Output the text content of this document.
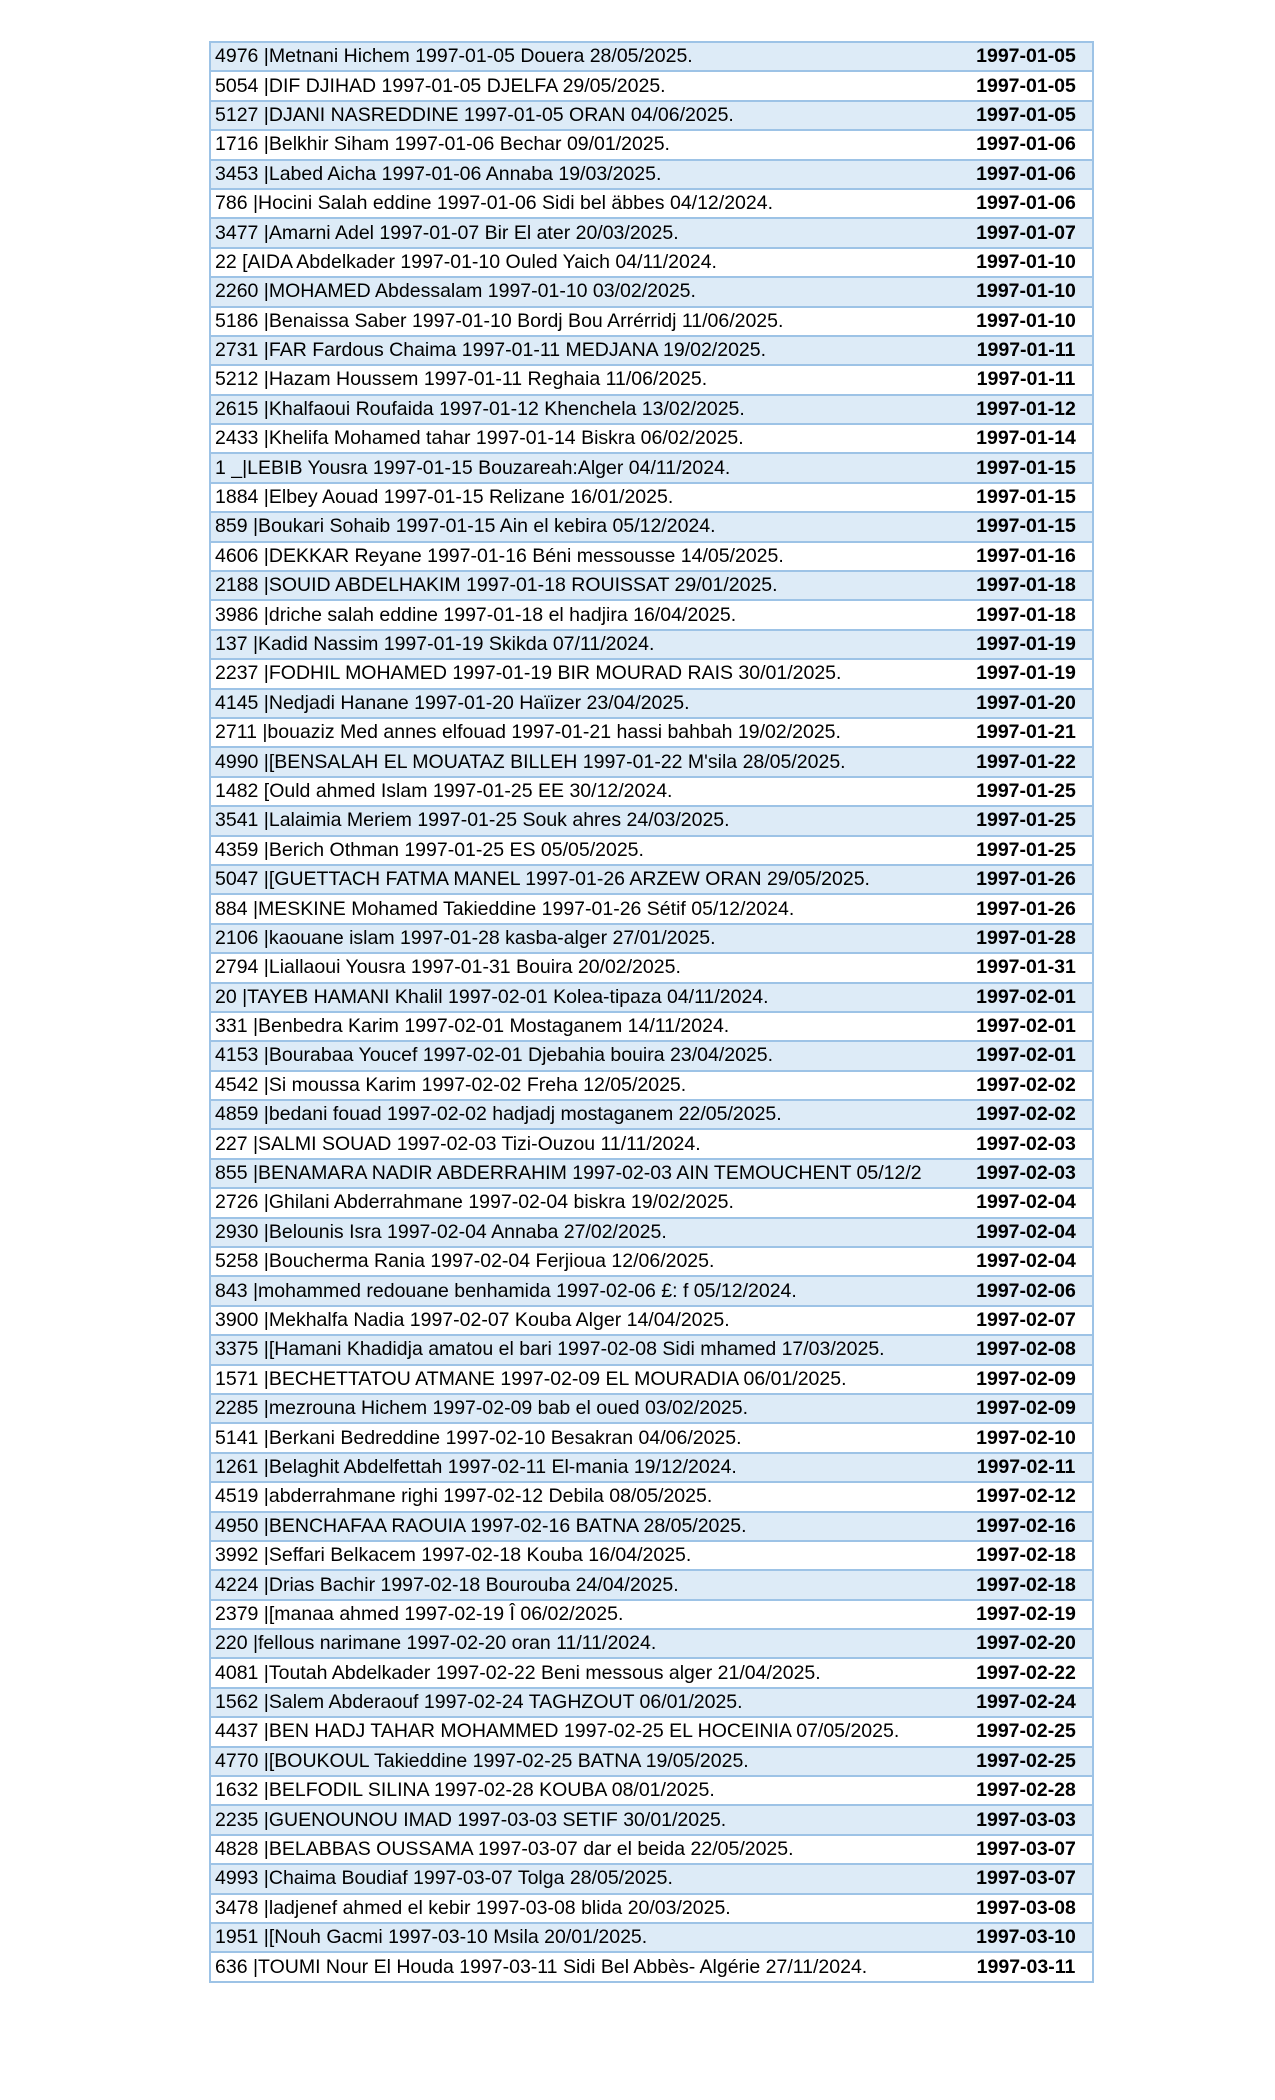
4976 |Metnani Hichem 1997-01-05 Douera 28/05/2025.	1997-01-05
5054 |DIF DJIHAD 1997-01-05 DJELFA 29/05/2025.	1997-01-05
5127 |DJANI NASREDDINE 1997-01-05 ORAN 04/06/2025.	1997-01-05
1716 |Belkhir Siham 1997-01-06 Bechar 09/01/2025.	1997-01-06
3453 |Labed Aicha 1997-01-06 Annaba 19/03/2025.	1997-01-06
786 |Hocini Salah eddine 1997-01-06 Sidi bel äbbes 04/12/2024.	1997-01-06
3477 |Amarni Adel 1997-01-07 Bir El ater 20/03/2025.	1997-01-07
22 [AIDA Abdelkader 1997-01-10 Ouled Yaich 04/11/2024.	1997-01-10
2260 |MOHAMED Abdessalam 1997-01-10 03/02/2025.	1997-01-10
5186 |Benaissa Saber 1997-01-10 Bordj Bou Arrérridj 11/06/2025.	1997-01-10
2731 |FAR Fardous Chaima 1997-01-11 MEDJANA 19/02/2025.	1997-01-11
5212 |Hazam Houssem 1997-01-11 Reghaia 11/06/2025.	1997-01-11
2615 |Khalfaoui Roufaida 1997-01-12 Khenchela 13/02/2025.	1997-01-12
2433 |Khelifa Mohamed tahar 1997-01-14 Biskra 06/02/2025.	1997-01-14
1 _|LEBIB Yousra 1997-01-15 Bouzareah:Alger 04/11/2024.	1997-01-15
1884 |Elbey Aouad 1997-01-15 Relizane 16/01/2025.	1997-01-15
859 |Boukari Sohaib 1997-01-15 Ain el kebira 05/12/2024.	1997-01-15
4606 |DEKKAR Reyane 1997-01-16 Béni messousse 14/05/2025.	1997-01-16
2188 |SOUID ABDELHAKIM 1997-01-18 ROUISSAT 29/01/2025.	1997-01-18
3986 |driche salah eddine 1997-01-18 el hadjira 16/04/2025.	1997-01-18
137 |Kadid Nassim 1997-01-19 Skikda 07/11/2024.	1997-01-19
2237 |FODHIL MOHAMED 1997-01-19 BIR MOURAD RAIS 30/01/2025.	1997-01-19
4145 |Nedjadi Hanane 1997-01-20 Haïizer 23/04/2025.	1997-01-20
2711 |bouaziz Med annes elfouad 1997-01-21 hassi bahbah 19/02/2025.	1997-01-21
4990 |[BENSALAH EL MOUATAZ BILLEH 1997-01-22 M'sila 28/05/2025.	1997-01-22
1482 [Ould ahmed Islam 1997-01-25 EE 30/12/2024.	1997-01-25
3541 |Lalaimia Meriem 1997-01-25 Souk ahres 24/03/2025.	1997-01-25
4359 |Berich Othman 1997-01-25 ES 05/05/2025.	1997-01-25
5047 |[GUETTACH FATMA MANEL 1997-01-26 ARZEW ORAN 29/05/2025.	1997-01-26
884 |MESKINE Mohamed Takieddine 1997-01-26 Sétif 05/12/2024.	1997-01-26
2106 |kaouane islam 1997-01-28 kasba-alger 27/01/2025.	1997-01-28
2794 |Liallaoui Yousra 1997-01-31 Bouira 20/02/2025.	1997-01-31
20 |TAYEB HAMANI Khalil 1997-02-01 Kolea-tipaza 04/11/2024.	1997-02-01
331 |Benbedra Karim 1997-02-01 Mostaganem 14/11/2024.	1997-02-01
4153 |Bourabaa Youcef 1997-02-01 Djebahia bouira 23/04/2025.	1997-02-01
4542 |Si moussa Karim 1997-02-02 Freha 12/05/2025.	1997-02-02
4859 |bedani fouad 1997-02-02 hadjadj mostaganem 22/05/2025.	1997-02-02
227 |SALMI SOUAD 1997-02-03 Tizi-Ouzou 11/11/2024.	1997-02-03
855 |BENAMARA NADIR ABDERRAHIM 1997-02-03 AIN TEMOUCHENT 05/12/2	1997-02-03
2726 |Ghilani Abderrahmane 1997-02-04 biskra 19/02/2025.	1997-02-04
2930 |Belounis Isra 1997-02-04 Annaba 27/02/2025.	1997-02-04
5258 |Boucherma Rania 1997-02-04 Ferjioua 12/06/2025.	1997-02-04
843 |mohammed redouane benhamida 1997-02-06 £: f 05/12/2024.	1997-02-06
3900 |Mekhalfa Nadia 1997-02-07 Kouba Alger 14/04/2025.	1997-02-07
3375 |[Hamani Khadidja amatou el bari 1997-02-08 Sidi mhamed 17/03/2025.	1997-02-08
1571 |BECHETTATOU ATMANE 1997-02-09 EL MOURADIA 06/01/2025.	1997-02-09
2285 |mezrouna Hichem 1997-02-09 bab el oued 03/02/2025.	1997-02-09
5141 |Berkani Bedreddine 1997-02-10 Besakran 04/06/2025.	1997-02-10
1261 |Belaghit Abdelfettah 1997-02-11 El-mania 19/12/2024.	1997-02-11
4519 |abderrahmane righi 1997-02-12 Debila 08/05/2025.	1997-02-12
4950 |BENCHAFAA RAOUIA 1997-02-16 BATNA 28/05/2025.	1997-02-16
3992 |Seffari Belkacem 1997-02-18 Kouba 16/04/2025.	1997-02-18
4224 |Drias Bachir 1997-02-18 Bourouba 24/04/2025.	1997-02-18
2379 |[manaa ahmed 1997-02-19 Î 06/02/2025.	1997-02-19
220 |fellous narimane 1997-02-20 oran 11/11/2024.	1997-02-20
4081 |Toutah Abdelkader 1997-02-22 Beni messous alger 21/04/2025.	1997-02-22
1562 |Salem Abderaouf 1997-02-24 TAGHZOUT 06/01/2025.	1997-02-24
4437 |BEN HADJ TAHAR MOHAMMED 1997-02-25 EL HOCEINIA 07/05/2025.	1997-02-25
4770 |[BOUKOUL Takieddine 1997-02-25 BATNA 19/05/2025.	1997-02-25
1632 |BELFODIL SILINA 1997-02-28 KOUBA 08/01/2025.	1997-02-28
2235 |GUENOUNOU IMAD 1997-03-03 SETIF 30/01/2025.	1997-03-03
4828 |BELABBAS OUSSAMA 1997-03-07 dar el beida 22/05/2025.	1997-03-07
4993 |Chaima Boudiaf 1997-03-07 Tolga 28/05/2025.	1997-03-07
3478 |ladjenef ahmed el kebir 1997-03-08 blida 20/03/2025.	1997-03-08
1951 |[Nouh Gacmi 1997-03-10 Msila 20/01/2025.	1997-03-10
636 |TOUMI Nour El Houda 1997-03-11 Sidi Bel Abbès- Algérie 27/11/2024.	1997-03-11
